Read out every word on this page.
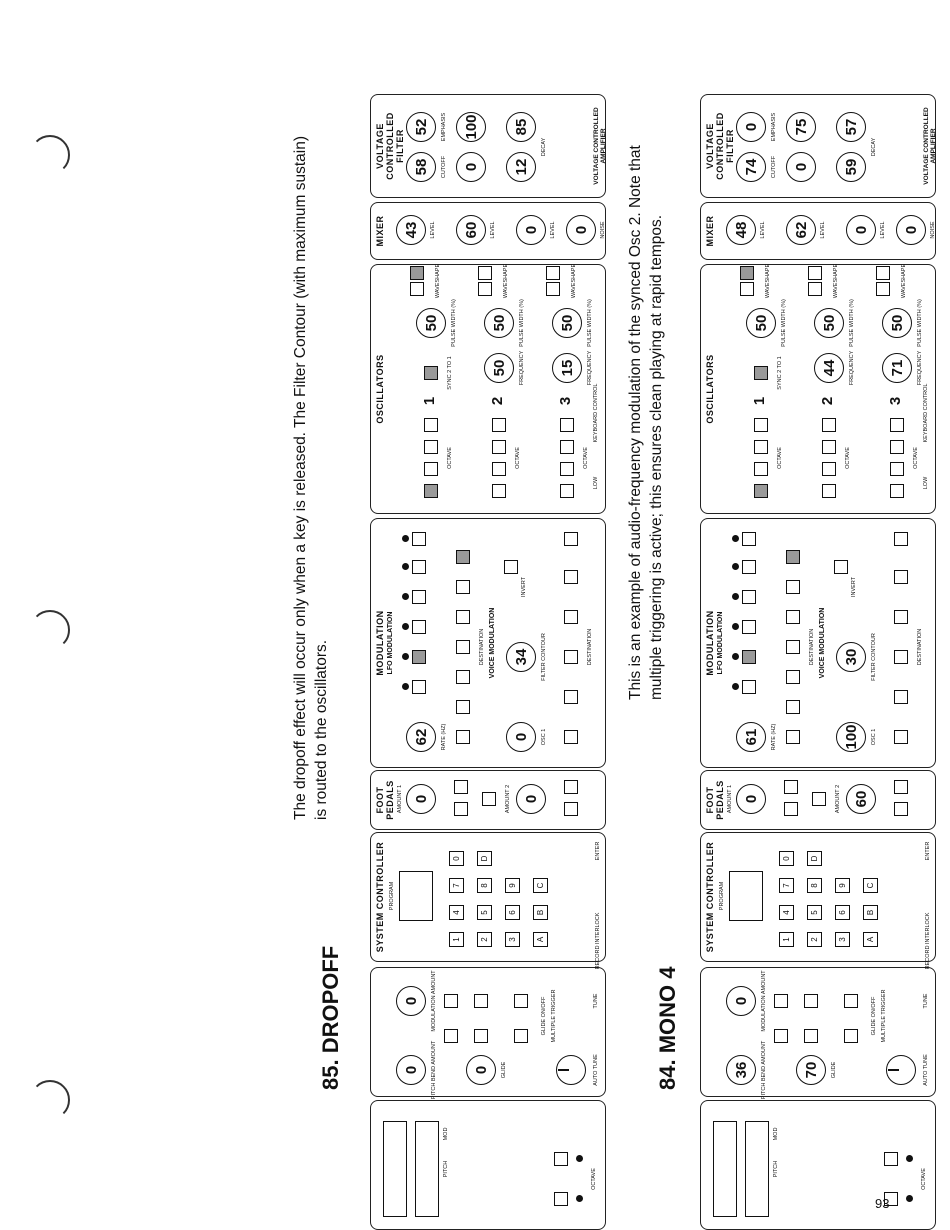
PITCH
MOD
OCTAVE
36 PITCH BEND AMOUNT 70 GLIDE	AUTO TUNE
0 MODULATION AMOUNT	GLIDE ON/OFF MULTIPLE TRIGGER	TUNE
SYSTEM CONTROLLER PROGRAM
1	2	3	A
4	5	6	B
7	8	9	C
0	D	ENTER
RECORD INTERLOCK
FOOT PEDALS AMOUNT 1 0	AMOUNT 2 60
MODULATION LFO MODULATION
61 RATE (HZ)
DESTINATION VOICE MODULATION
100 OSC 1
30 FILTER CONTOUR
INVERT
DESTINATION
OSCILLATORS
OCTAVE
1
50 PULSE WIDTH (%)
WAVESHAPE
OCTAVE
2
50 PULSE WIDTH (%)
WAVESHAPE
OCTAVE
3
50 PULSE WIDTH (%)
WAVESHAPE
SYNC 2 TO 1	44 FREQUENCY 71 FREQUENCY
KEYBOARD CONTROL
LOW
MIXER 48 LEVEL 62 LEVEL 0 LEVEL 0 NOISE
VOLTAGE CONTROLLED FILTER
74 CUTOFF
0 EMPHASIS
0
75
59
57
DECAY	VOLTAGE CONTROLLED AMPLIFIER
84. MONO 4
This is an example of audio-frequency modulation of the synced Osc 2. Note that multiple triggering is active; this ensures clean playing at rapid tempos.
PITCH
MOD
OCTAVE
0 PITCH BEND AMOUNT 0 GLIDE	AUTO TUNE
0 MODULATION AMOUNT	GLIDE ON/OFF MULTIPLE TRIGGER	TUNE
SYSTEM CONTROLLER PROGRAM
1	2	3	A
4	5	6	B
7	8	9	C
0	D	ENTER
RECORD INTERLOCK
FOOT PEDALS AMOUNT 1 0	AMOUNT 2 0
MODULATION LFO MODULATION
62 RATE (HZ)
DESTINATION VOICE MODULATION
0 OSC 1
34 FILTER CONTOUR
INVERT
DESTINATION
OSCILLATORS
OCTAVE
1
50 PULSE WIDTH (%)
WAVESHAPE
OCTAVE
2
50 PULSE WIDTH (%)
WAVESHAPE
OCTAVE
3
50 PULSE WIDTH (%)
WAVESHAPE
SYNC 2 TO 1	50 FREQUENCY 15 FREQUENCY
KEYBOARD CONTROL
LOW
MIXER 43 LEVEL 60 LEVEL 0 LEVEL 0 NOISE
VOLTAGE CONTROLLED FILTER
58 CUTOFF
52 EMPHASIS
0
100
12
85
DECAY	VOLTAGE CONTROLLED AMPLIFIER
85. DROPOFF
The dropoff effect will occur only when a key is released. The Filter Contour (with maximum sustain) is routed to the oscillators.
93
